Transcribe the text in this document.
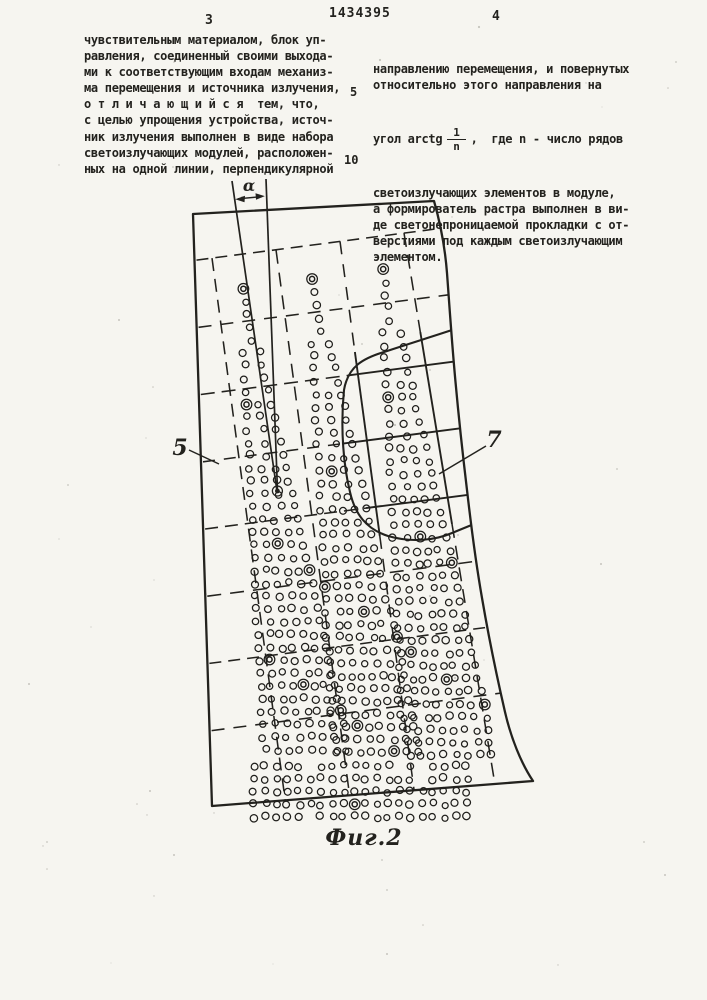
3	1434395	4
чувствительным материалом, блок уп-
равления, соединенный своими выхода-
ми к соответствующим входам механиз-
ма перемещения и источника излучения,
о т л и ч а ю щ и й с я  тем, что,
с целью упрощения устройства, источ-
ник излучения выполнен в виде набора
светоизлучающих модулей, расположен-
ных на одной линии, перпендикулярной

направлению перемещения, и повернутых
относительно этого направления на

угол arctg $\frac{1}{n}$ ,  где n - число рядов

светоизлучающих элементов в модуле,
а формирователь растра выполнен в ви-
де светонепроницаемой прокладки с от-
верстиями под каждым светоизлучающим
элементом.

5
10
α
5	7
Фиг.2
